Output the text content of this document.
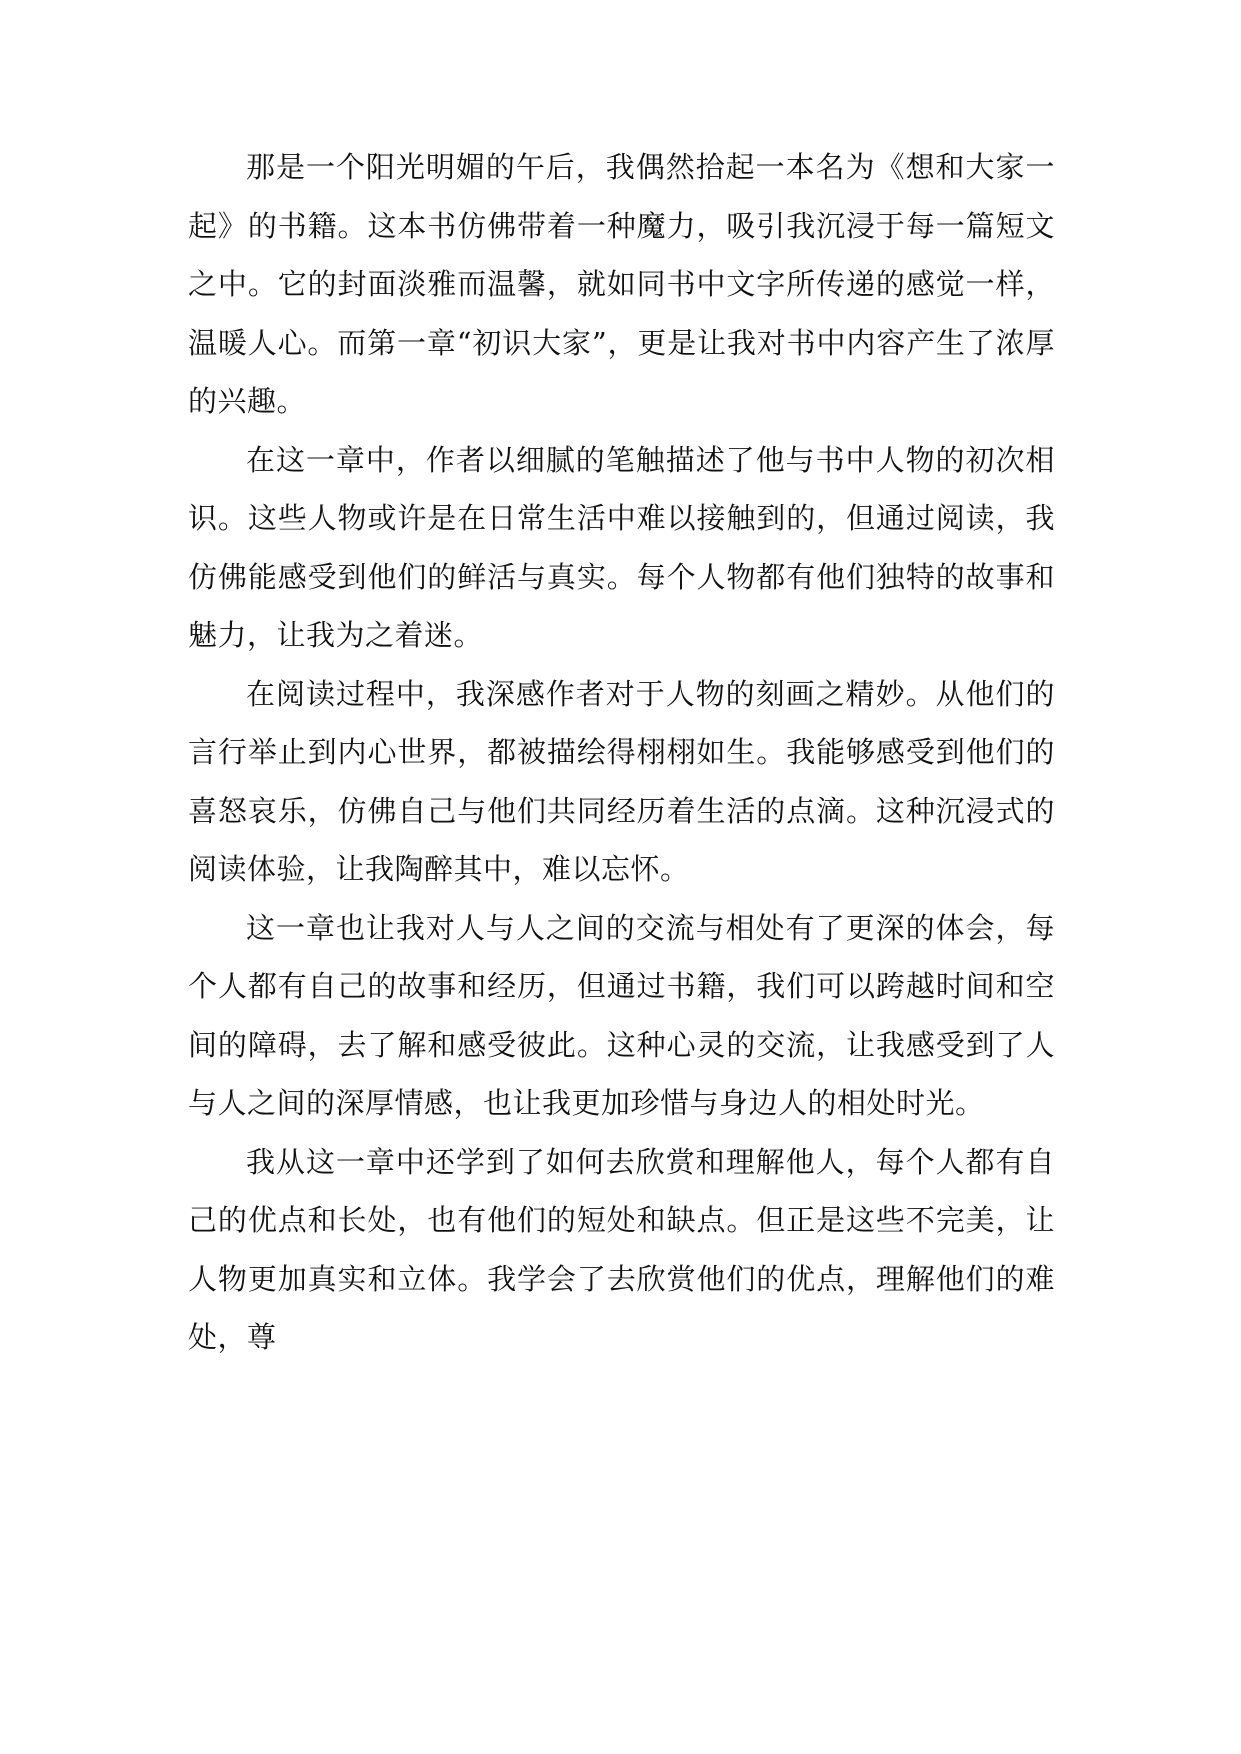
那是一个阳光明媚的午后，我偶然拾起一本名为《想和大家一起》的书籍。这本书仿佛带着一种魔力，吸引我沉浸于每一篇短文之中。它的封面淡雅而温馨，就如同书中文字所传递的感觉一样，温暖人心。而第一章“初识大家”，更是让我对书中内容产生了浓厚的兴趣。

在这一章中，作者以细腻的笔触描述了他与书中人物的初次相识。这些人物或许是在日常生活中难以接触到的，但通过阅读，我仿佛能感受到他们的鲜活与真实。每个人物都有他们独特的故事和魅力，让我为之着迷。

在阅读过程中，我深感作者对于人物的刻画之精妙。从他们的言行举止到内心世界，都被描绘得栩栩如生。我能够感受到他们的喜怒哀乐，仿佛自己与他们共同经历着生活的点滴。这种沉浸式的阅读体验，让我陶醉其中，难以忘怀。

这一章也让我对人与人之间的交流与相处有了更深的体会，每个人都有自己的故事和经历，但通过书籍，我们可以跨越时间和空间的障碍，去了解和感受彼此。这种心灵的交流，让我感受到了人与人之间的深厚情感，也让我更加珍惜与身边人的相处时光。

我从这一章中还学到了如何去欣赏和理解他人，每个人都有自己的优点和长处，也有他们的短处和缺点。但正是这些不完美，让人物更加真实和立体。我学会了去欣赏他们的优点，理解他们的难处，尊
